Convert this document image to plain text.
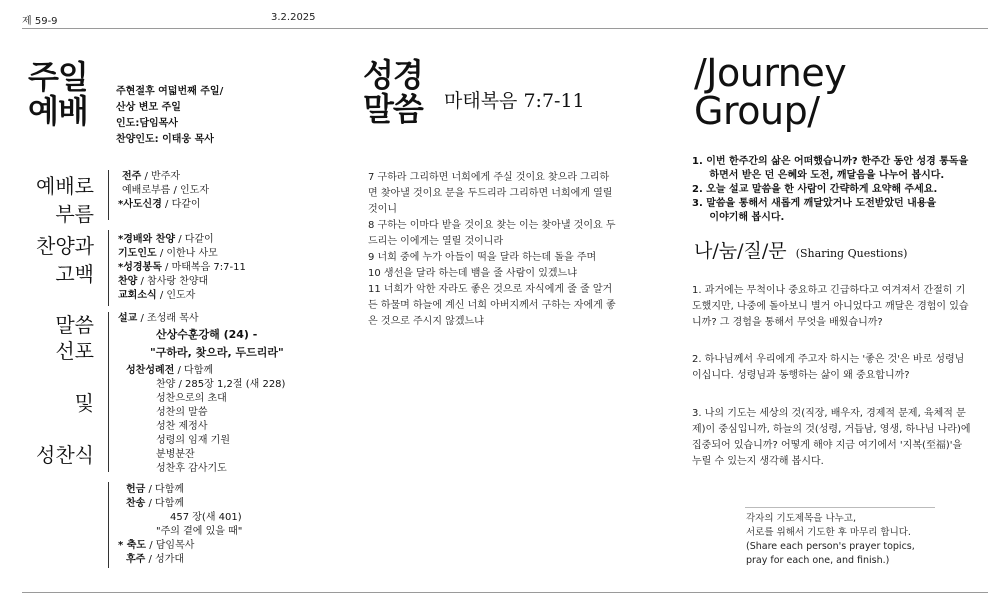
제 59-9	3.2.2025
주일
예배
주현절후 여덟번째 주일/
산상 변모 주일
인도:담임목사
찬양인도: 이태웅 목사
예배로
부름
전주 / 반주자
예배로부름 / 인도자
*사도신경 / 다같이
찬양과
고백
*경배와 찬양 / 다같이
기도인도 / 이한나 사모
*성경봉독 / 마태복음 7:7-11
찬양 / 참사랑 찬양대
교회소식 / 인도자
말씀
선포
및
성찬식
설교 / 조성래 목사
산상수훈강해 (24) -
"구하라, 찾으라, 두드리라"
성찬성례전 / 다함께
찬양 / 285장 1,2절 (새 228)
성찬으로의 초대
성찬의 말씀
성찬 제정사
성령의 임재 기원
분병분잔
성찬후 감사기도
헌금 / 다함께
찬송 / 다함께
457 장(새 401)
"주의 곁에 있을 때"
* 축도 / 담임목사
후주 / 성가대
성경
말씀 마태복음 7:7-11
7 구하라 그리하면 너희에게 주실 것이요 찾으라 그리하
면 찾아낼 것이요 문을 두드리라 그리하면 너희에게 열릴
것이니
8 구하는 이마다 받을 것이요 찾는 이는 찾아낼 것이요 두
드리는 이에게는 열릴 것이니라
9 너희 중에 누가 아들이 떡을 달라 하는데 돌을 주며
10 생선을 달라 하는데 뱀을 줄 사람이 있겠느냐
11 너희가 악한 자라도 좋은 것으로 자식에게 줄 줄 알거
든 하물며 하늘에 계신 너희 아버지께서 구하는 자에게 좋
은 것으로 주시지 않겠느냐
/Journey
Group/
1. 이번 한주간의 삶은 어떠했습니까? 한주간 동안 성경 통독을
하면서 받은 던 은혜와 도전, 깨달음을 나누어 봅시다.
2. 오늘 설교 말씀을 한 사람이 간략하게 요약해 주세요.
3. 말씀을 통해서 새롭게 깨달았거나 도전받았던 내용을
이야기해 봅시다.
나/눔/질/문 (Sharing Questions)
1. 과거에는 무척이나 중요하고 긴급하다고 여겨져서 간절히 기
도했지만, 나중에 돌아보니 별거 아니었다고 깨달은 경험이 있습
니까? 그 경험을 통해서 무엇을 배웠습니까?
2. 하나님께서 우리에게 주고자 하시는 '좋은 것'은 바로 성령님
이십니다. 성령님과 동행하는 삶이 왜 중요합니까?
3. 나의 기도는 세상의 것(직장, 배우자, 경제적 문제, 육체적 문
제)이 중심입니까, 하늘의 것(성령, 거듭남, 영생, 하나님 나라)에
집중되어 있습니까? 어떻게 해야 지금 여기에서 '지복(至福)'을
누릴 수 있는지 생각해 봅시다.
각자의 기도제목을 나누고,
서로를 위해서 기도한 후 마무리 합니다.
(Share each person's prayer topics,
pray for each one, and finish.)
